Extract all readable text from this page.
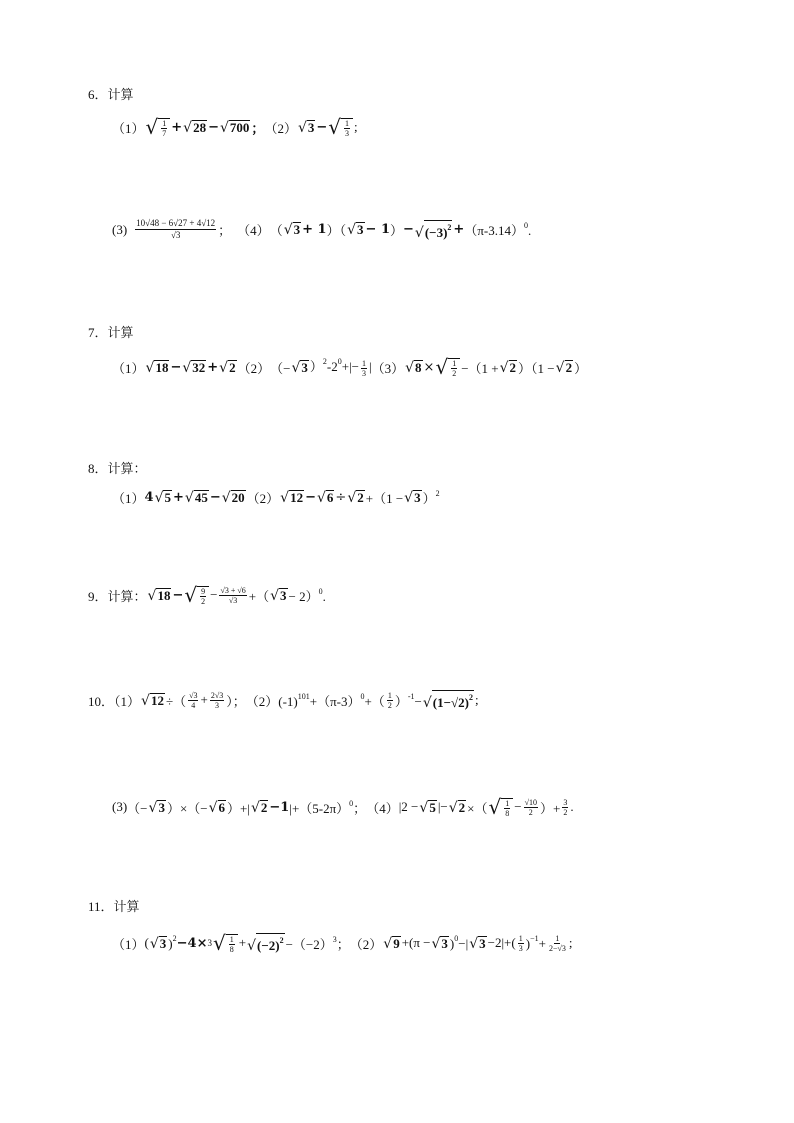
6．计算
（1） √ $\frac{1}{7}$ + √ 28 − √ 700 ； （2） √ 3 − √ $\frac{1}{3}$ ;
$(3) \frac{10√48 - 6√27 + 4√12}{√3}$ ； （4） （ √ 3 + 1 ）（ √ 3 − 1 ） − √ $(-3)^2 + (\pi-3.14)^0$.
7．计算
（1） √ 18 − √ 32 + √ 2 （2） （− √ 3 ）$^2-2^0+|- \frac{1}{3}$ | （3） √ 8 × √ $\frac{1}{2} -(1$ + √ 2 ）（1 − √ 2 ）
8．计算：
（1） 4 √ 5 + √ 45 − √ 20 （2） √ 12 − √ 6 ÷ √ 2 +（1 − √ 3 ）$^2$
9．计算： √ 18 − √ $\frac{9}{2} - \frac{√3 + √6}{√3}$ +（ √ 3 − 2）$^0$.
10．（1） √ 12 ÷（ $\frac{√3}{4} + \frac{2√3}{3}$ ）； （2） $(-1)^{101}+(\pi-3)^0+( \frac{1}{2} )^{-1}-$ √ $(1-√2)^2$ ;
(3) （− √ 3 ）×（− √ 6 ）+| √ 2 −1 $|+(5-2\pi)^0$； （4） |2 − √ 5 |− √ 2 ×（ √ $\frac{1}{8} - \frac{√10}{2}$ ）+ $\frac{3}{2}$ .
11．计算
（1） ( √ 3 )$^2$ −4× 3 √ $\frac{1}{8}$ + √ $(-2)^2 -(-2)^3$； （2） √ 9 +(π − √ 3 )$^0$−| √ $3 -2|+( \frac{1}{3} )^{-1}+ \frac{1}{2-√3}$ ;
